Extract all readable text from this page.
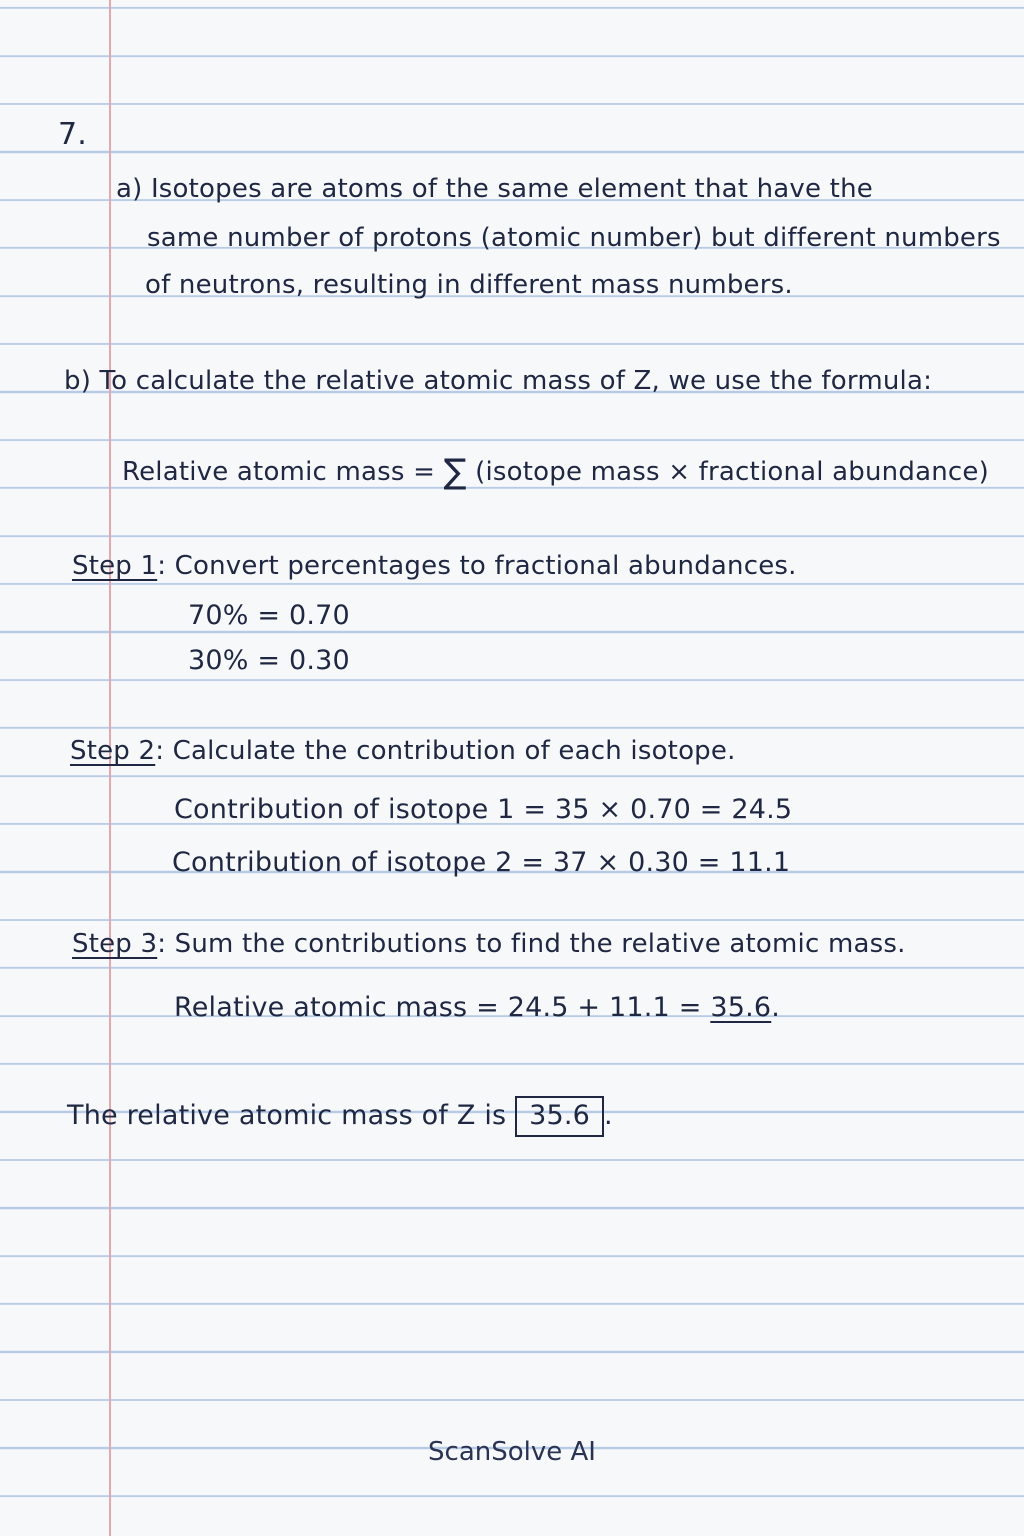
7.
a) Isotopes are atoms of the same element that have the
same number of protons (atomic number) but different numbers
of neutrons, resulting in different mass numbers.
b) To calculate the relative atomic mass of Z, we use the formula:
Relative atomic mass = ∑ (isotope mass × fractional abundance)
Step 1: Convert percentages to fractional abundances.
70% = 0.70
30% = 0.30
Step 2: Calculate the contribution of each isotope.
Contribution of isotope 1 = 35 × 0.70 = 24.5
Contribution of isotope 2 = 37 × 0.30 = 11.1
Step 3: Sum the contributions to find the relative atomic mass.
Relative atomic mass = 24.5 + 11.1 = 35.6.
The relative atomic mass of Z is 35.6 .
ScanSolve AI
